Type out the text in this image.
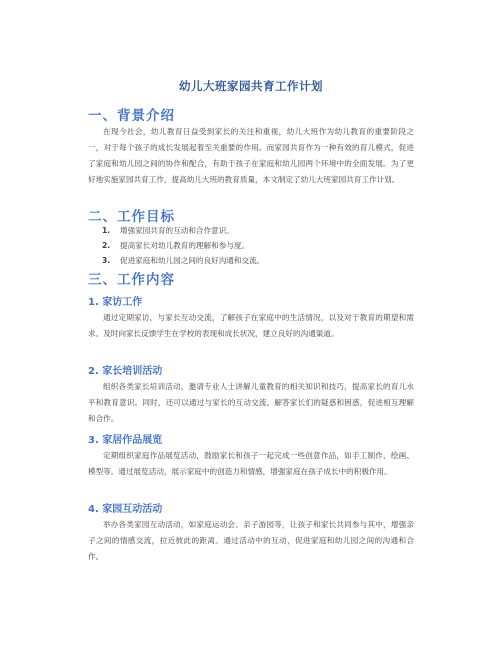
幼儿大班家园共育工作计划
一、背景介绍

在现今社会，幼儿教育日益受到家长的关注和重视，幼儿大班作为幼儿教育的重要阶段之一，对于每个孩子的成长发展起着至关重要的作用。而家园共育作为一种有效的育儿模式，促进了家庭和幼儿园之间的协作和配合，有助于孩子在家庭和幼儿园两个环境中的全面发展。为了更好地实施家园共育工作，提高幼儿大班的教育质量，本文制定了幼儿大班家园共育工作计划。

二、工作目标
1. 增强家园共育的互动和合作意识。
2. 提高家长对幼儿教育的理解和参与度。
3. 促进家庭和幼儿园之间的良好沟通和交流。
三、工作内容
1. 家访工作

通过定期家访，与家长互动交流，了解孩子在家庭中的生活情况，以及对于教育的期望和需求。及时向家长反馈学生在学校的表现和成长状况，建立良好的沟通渠道。

2. 家长培训活动

组织各类家长培训活动，邀请专业人士讲解儿童教育的相关知识和技巧，提高家长的育儿水平和教育意识。同时，还可以通过与家长的互动交流，解答家长们的疑惑和困惑，促进相互理解和合作。

3. 家居作品展览

定期组织家庭作品展览活动，鼓励家长和孩子一起完成一些创意作品，如手工制作、绘画、模型等。通过展览活动，展示家庭中的创造力和情感，增强家庭在孩子成长中的积极作用。

4. 家园互动活动

举办各类家园互动活动，如家庭运动会、亲子游园等，让孩子和家长共同参与其中，增强亲子之间的情感交流，拉近彼此的距离。通过活动中的互动，促进家庭和幼儿园之间的沟通和合作。
